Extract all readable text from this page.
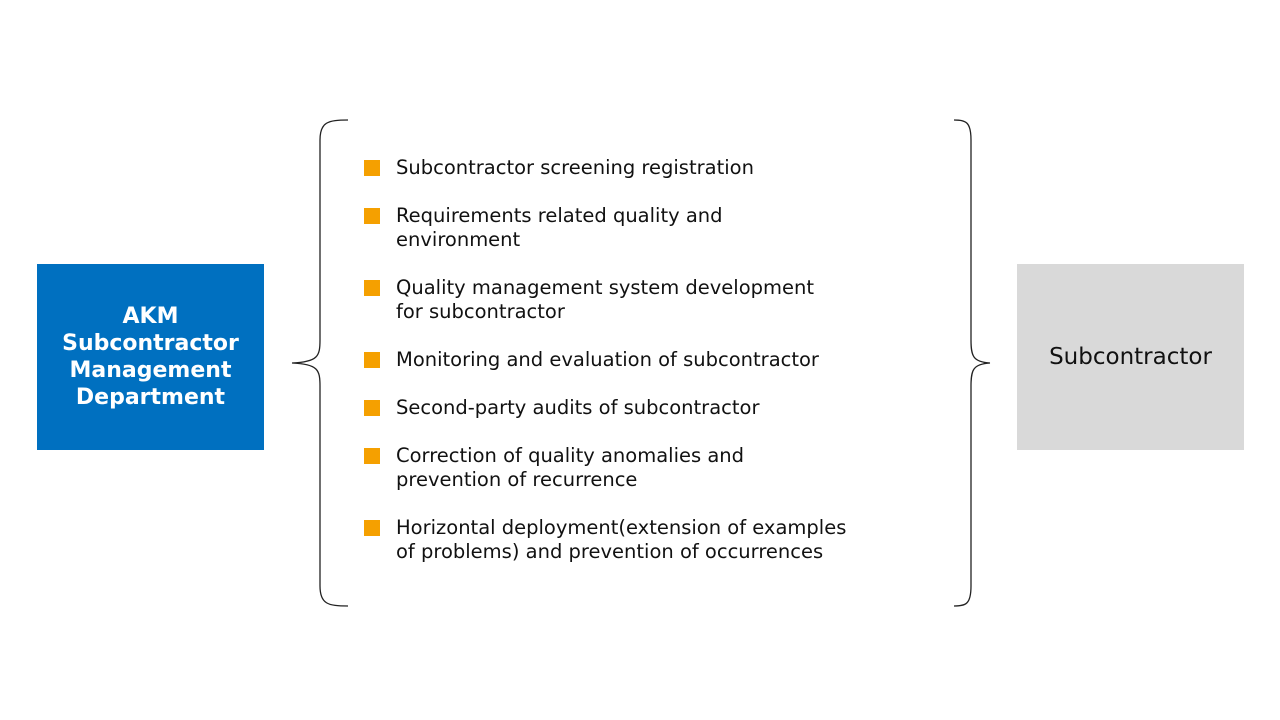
AKM
Subcontractor
Management
Department
Subcontractor screening registration
Requirements related quality and
environment
Quality management system development
for subcontractor
Monitoring and evaluation of subcontractor
Second-party audits of subcontractor
Correction of quality anomalies and
prevention of recurrence
Horizontal deployment(extension of examples
of problems) and prevention of occurrences
Subcontractor
